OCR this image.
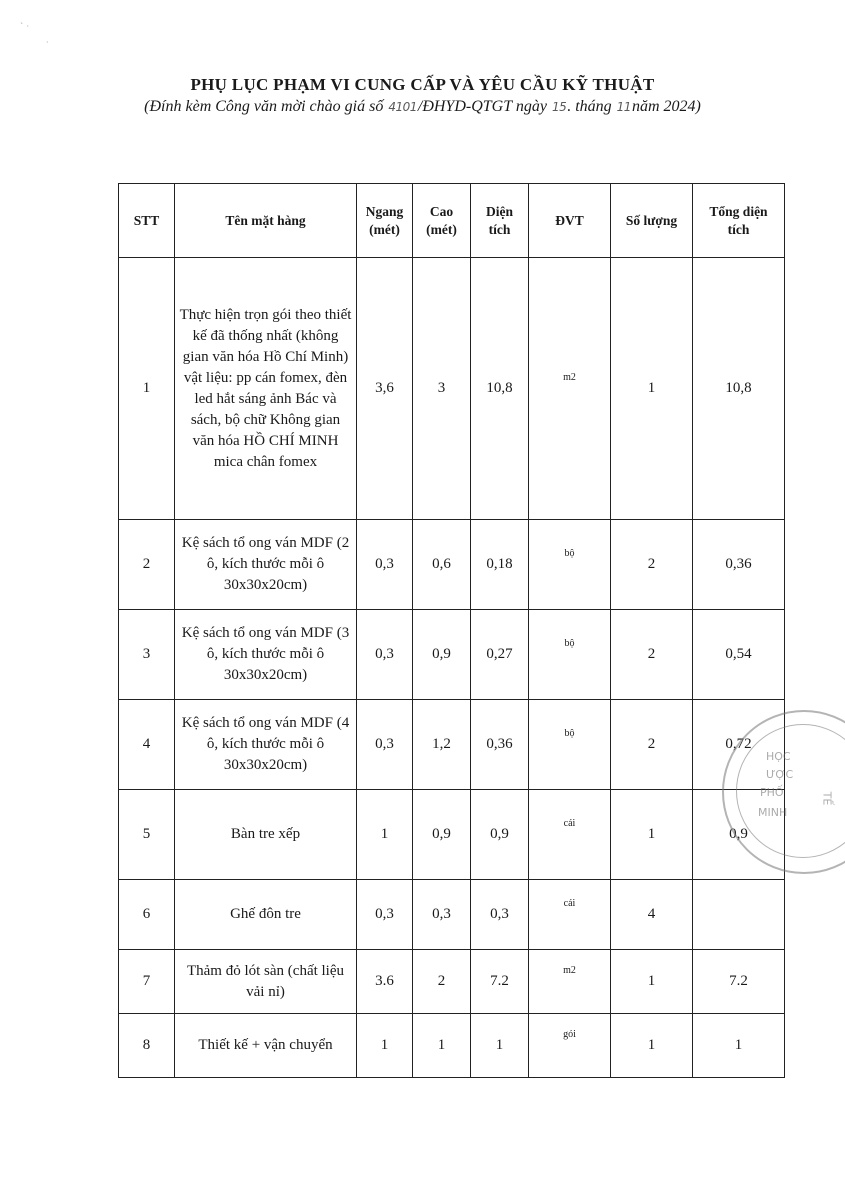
` ·
·
PHỤ LỤC PHẠM VI CUNG CẤP VÀ YÊU CẦU KỸ THUẬT
(Đính kèm Công văn mời chào giá số 4101/ĐHYD-QTGT ngày 15. tháng 11năm 2024)
STT	Tên mặt hàng	Ngang (mét)	Cao (mét)	Diện tích	ĐVT	Số lượng	Tổng diện tích
1	Thực hiện trọn gói theo thiết kế đã thống nhất (không gian văn hóa Hồ Chí Minh) vật liệu: pp cán fomex, đèn led hắt sáng ảnh Bác và sách, bộ chữ Không gian văn hóa HỒ CHÍ MINH mica chân fomex	3,6	3	10,8	m2	1	10,8
2	Kệ sách tổ ong ván MDF (2 ô, kích thước mỗi ô 30x30x20cm)	0,3	0,6	0,18	bộ	2	0,36
3	Kệ sách tổ ong ván MDF (3 ô, kích thước mỗi ô 30x30x20cm)	0,3	0,9	0,27	bộ	2	0,54
4	Kệ sách tổ ong ván MDF (4 ô, kích thước mỗi ô 30x30x20cm)	0,3	1,2	0,36	bộ	2	0,72
5	Bàn tre xếp	1	0,9	0,9	cái	1	0,9
6	Ghế đôn tre	0,3	0,3	0,3	cái	4	
7	Thảm đỏ lót sàn (chất liệu vải nỉ)	3.6	2	7.2	m2	1	7.2
8	Thiết kế + vận chuyển	1	1	1	gói	1	1
HỌC
ƯỢC
PHỐ
MINH
TẾ
